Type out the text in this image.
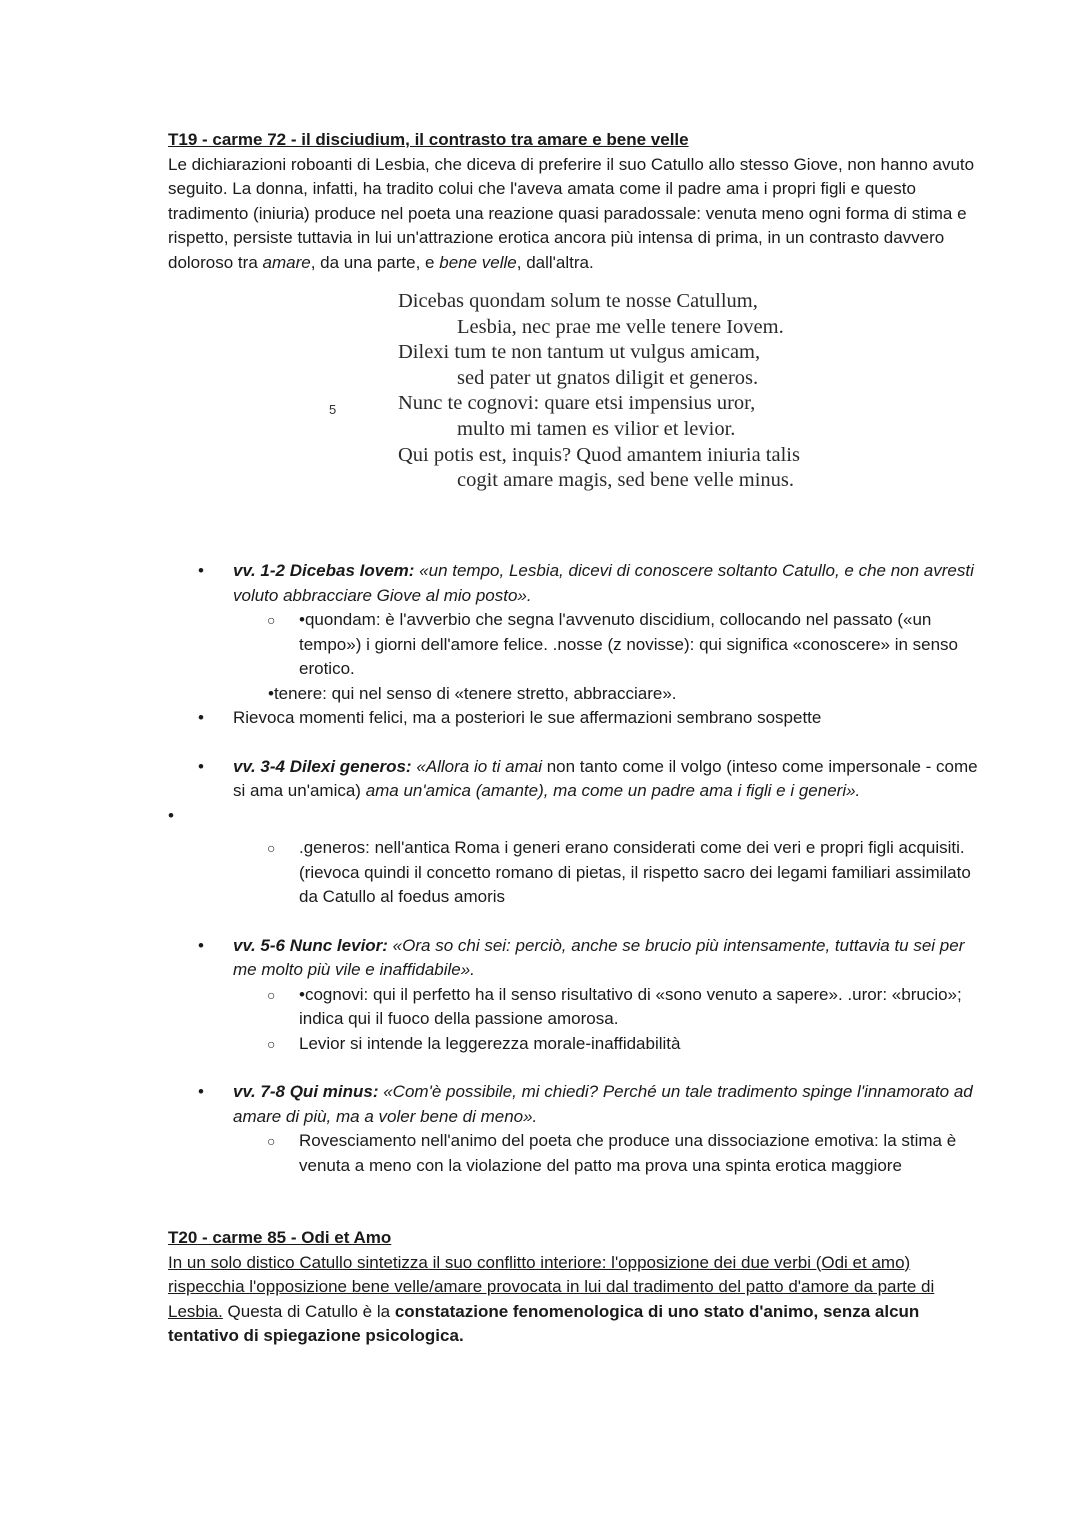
T19 - carme 72 - il disciudium, il contrasto tra amare e bene velle

Le dichiarazioni roboanti di Lesbia, che diceva di preferire il suo Catullo allo stesso Giove, non hanno avuto seguito. La donna, infatti, ha tradito colui che l'aveva amata come il padre ama i propri figli e questo tradimento (iniuria) produce nel poeta una reazione quasi paradossale: venuta meno ogni forma di stima e rispetto, persiste tuttavia in lui un'attrazione erotica ancora più intensa di prima, in un contrasto davvero doloroso tra amare, da una parte, e bene velle, dall'altra.

Dicebas quondam solum te nosse Catullum,
Lesbia, nec prae me velle tenere Iovem.
Dilexi tum te non tantum ut vulgus amicam,
sed pater ut gnatos diligit et generos.
5	Nunc te cognovi: quare etsi impensius uror,
multo mi tamen es vilior et levior.
Qui potis est, inquis? Quod amantem iniuria talis
cogit amare magis, sed bene velle minus.
• vv. 1-2 Dicebas Iovem: «un tempo, Lesbia, dicevi di conoscere soltanto Catullo, e che non avresti voluto abbracciare Giove al mio posto».
○ •quondam: è l'avverbio che segna l'avvenuto discidium, collocando nel passato («un tempo») i giorni dell'amore felice. .nosse (z novisse): qui significa «conoscere» in senso erotico.
•tenere: qui nel senso di «tenere stretto, abbracciare».
• Rievoca momenti felici, ma a posteriori le sue affermazioni sembrano sospette
• vv. 3-4 Dilexi generos: «Allora io ti amai non tanto come il volgo (inteso come impersonale - come si ama un'amica) ama un'amica (amante), ma come un padre ama i figli e i generi».
•

○ .generos: nell'antica Roma i generi erano considerati come dei veri e propri figli acquisiti. (rievoca quindi il concetto romano di pietas, il rispetto sacro dei legami familiari assimilato da Catullo al foedus amoris
• vv. 5-6 Nunc levior: «Ora so chi sei: perciò, anche se brucio più intensamente, tuttavia tu sei per me molto più vile e inaffidabile».
○ •cognovi: qui il perfetto ha il senso risultativo di «sono venuto a sapere». .uror: «brucio»; indica qui il fuoco della passione amorosa.
○ Levior si intende la leggerezza morale-inaffidabilità
• vv. 7-8 Qui minus: «Com'è possibile, mi chiedi? Perché un tale tradimento spinge l'innamorato ad amare di più, ma a voler bene di meno».
○ Rovesciamento nell'animo del poeta che produce una dissociazione emotiva: la stima è venuta a meno con la violazione del patto ma prova una spinta erotica maggiore

T20 - carme 85 - Odi et Amo

In un solo distico Catullo sintetizza il suo conflitto interiore: l'opposizione dei due verbi (Odi et amo) rispecchia l'opposizione bene velle/amare provocata in lui dal tradimento del patto d'amore da parte di Lesbia. Questa di Catullo è la constatazione fenomenologica di uno stato d'animo, senza alcun tentativo di spiegazione psicologica.
